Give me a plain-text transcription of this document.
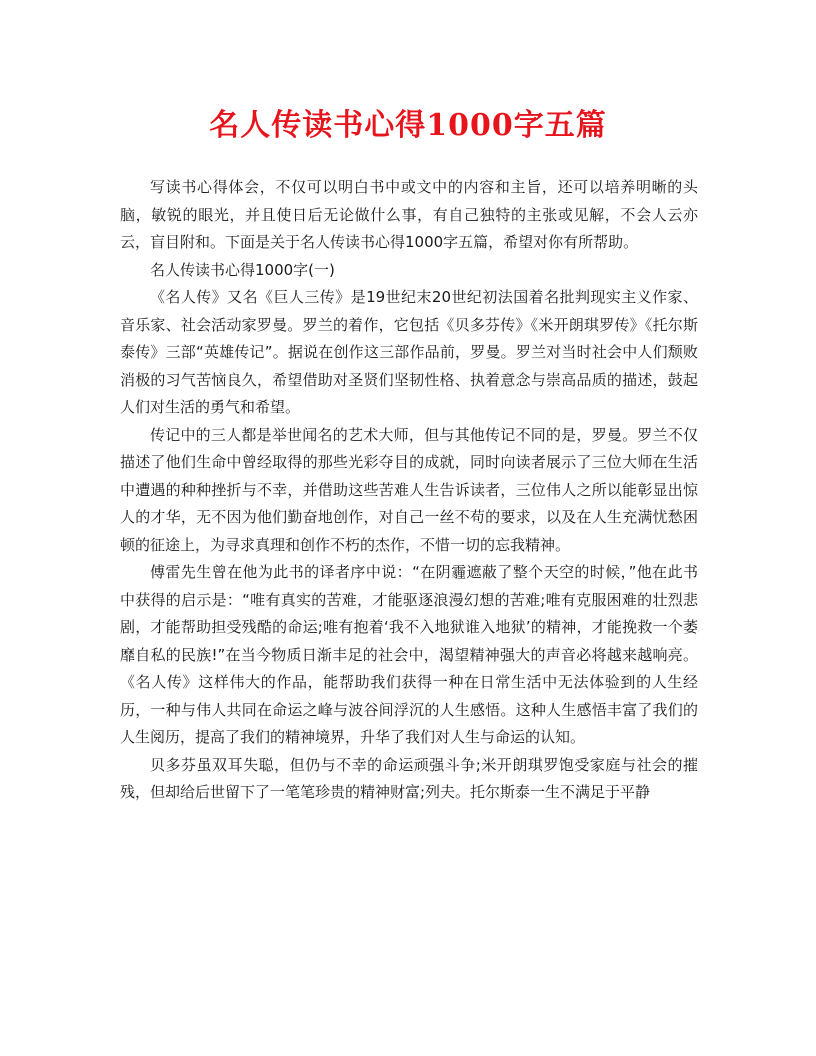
名人传读书心得1000字五篇

写读书心得体会，不仅可以明白书中或文中的内容和主旨，还可以培养明晰的头脑，敏锐的眼光，并且使日后无论做什么事，有自己独特的主张或见解，不会人云亦云，盲目附和。下面是关于名人传读书心得1000字五篇，希望对你有所帮助。

名人传读书心得1000字(一)

《名人传》又名《巨人三传》是19世纪末20世纪初法国着名批判现实主义作家、音乐家、社会活动家罗曼。罗兰的着作，它包括《贝多芬传》《米开朗琪罗传》《托尔斯泰传》三部“英雄传记”。据说在创作这三部作品前，罗曼。罗兰对当时社会中人们颓败消极的习气苦恼良久，希望借助对圣贤们坚韧性格、执着意念与崇高品质的描述，鼓起人们对生活的勇气和希望。

传记中的三人都是举世闻名的艺术大师，但与其他传记不同的是，罗曼。罗兰不仅描述了他们生命中曾经取得的那些光彩夺目的成就，同时向读者展示了三位大师在生活中遭遇的种种挫折与不幸，并借助这些苦难人生告诉读者，三位伟人之所以能彰显出惊人的才华，无不因为他们勤奋地创作，对自己一丝不苟的要求，以及在人生充满忧愁困顿的征途上，为寻求真理和创作不朽的杰作，不惜一切的忘我精神。

傅雷先生曾在他为此书的译者序中说：“在阴霾遮蔽了整个天空的时候，”他在此书中获得的启示是：“唯有真实的苦难，才能驱逐浪漫幻想的苦难;唯有克服困难的壮烈悲剧，才能帮助担受残酷的命运;唯有抱着‘我不入地狱谁入地狱’的精神，才能挽救一个萎靡自私的民族!”在当今物质日渐丰足的社会中，渴望精神强大的声音必将越来越响亮。《名人传》这样伟大的作品，能帮助我们获得一种在日常生活中无法体验到的人生经历，一种与伟人共同在命运之峰与波谷间浮沉的人生感悟。这种人生感悟丰富了我们的人生阅历，提高了我们的精神境界，升华了我们对人生与命运的认知。

贝多芬虽双耳失聪，但仍与不幸的命运顽强斗争;米开朗琪罗饱受家庭与社会的摧残，但却给后世留下了一笔笔珍贵的精神财富;列夫。托尔斯泰一生不满足于平静
